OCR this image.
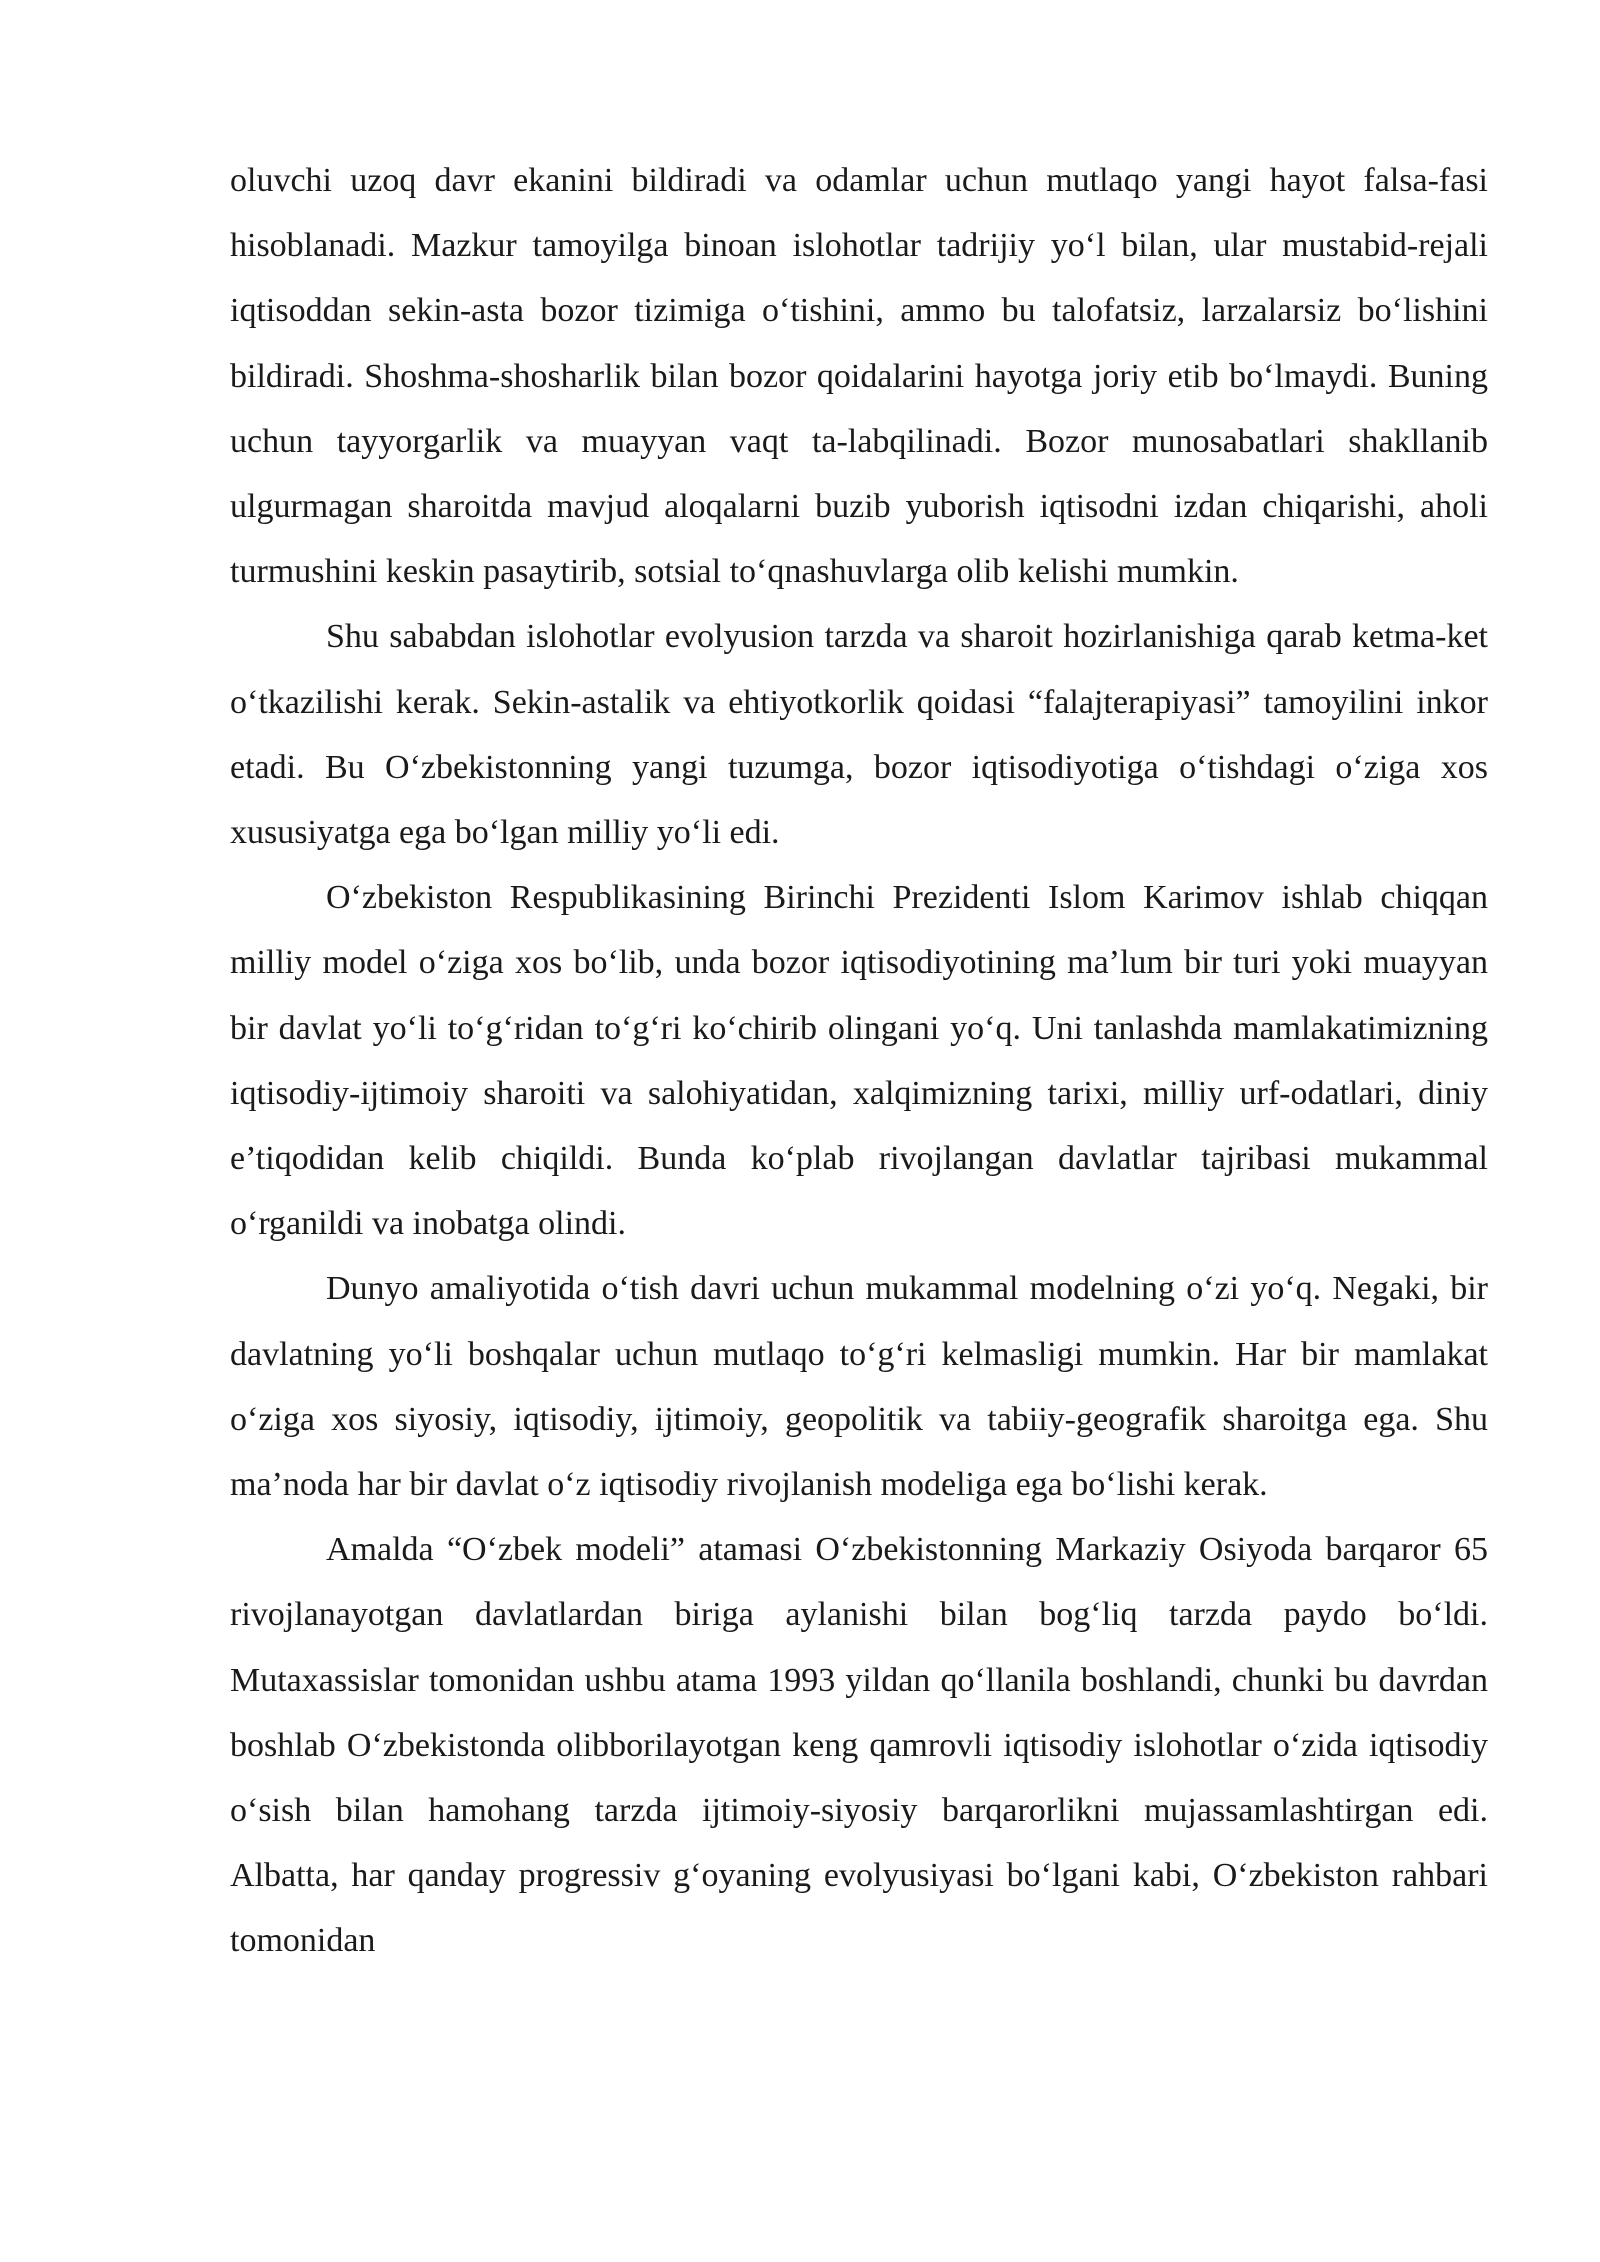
oluvchi uzoq davr ekanini bildiradi va odamlar uchun mutlaqo yangi hayot falsa-fasi hisoblanadi. Mazkur tamoyilga binoan islohotlar tadrijiy yo‘l bilan, ular mustabid-rejali iqtisoddan sekin-asta bozor tizimiga o‘tishini, ammo bu talofatsiz, larzalarsiz bo‘lishini bildiradi. Shoshma-shosharlik bilan bozor qoidalarini hayotga joriy etib bo‘lmaydi. Buning uchun tayyorgarlik va muayyan vaqt ta-labqilinadi. Bozor munosabatlari shakllanib ulgurmagan sharoitda mavjud aloqalarni buzib yuborish iqtisodni izdan chiqarishi, aholi turmushini keskin pasaytirib, sotsial to‘qnashuvlarga olib kelishi mumkin.

Shu sababdan islohotlar evolyusion tarzda va sharoit hozirlanishiga qarab ketma-ket o‘tkazilishi kerak. Sekin-astalik va ehtiyotkorlik qoidasi “falajterapiyasi” tamoyilini inkor etadi. Bu O‘zbekistonning yangi tuzumga, bozor iqtisodiyotiga o‘tishdagi o‘ziga xos xususiyatga ega bo‘lgan milliy yo‘li edi.

O‘zbekiston Respublikasining Birinchi Prezidenti Islom Karimov ishlab chiqqan milliy model o‘ziga xos bo‘lib, unda bozor iqtisodiyotining ma’lum bir turi yoki muayyan bir davlat yo‘li to‘g‘ridan to‘g‘ri ko‘chirib olingani yo‘q. Uni tanlashda mamlakatimizning iqtisodiy-ijtimoiy sharoiti va salohiyatidan, xalqimizning tarixi, milliy urf-odatlari, diniy e’tiqodidan kelib chiqildi. Bunda ko‘plab rivojlangan davlatlar tajribasi mukammal o‘rganildi va inobatga olindi.

Dunyo amaliyotida o‘tish davri uchun mukammal modelning o‘zi yo‘q. Negaki, bir davlatning yo‘li boshqalar uchun mutlaqo to‘g‘ri kelmasligi mumkin. Har bir mamlakat o‘ziga xos siyosiy, iqtisodiy, ijtimoiy, geopolitik va tabiiy-geografik sharoitga ega. Shu ma’noda har bir davlat o‘z iqtisodiy rivojlanish modeliga ega bo‘lishi kerak.

Amalda “O‘zbek modeli” atamasi O‘zbekistonning Markaziy Osiyoda barqaror 65 rivojlanayotgan davlatlardan biriga aylanishi bilan bog‘liq tarzda paydo bo‘ldi. Mutaxassislar tomonidan ushbu atama 1993 yildan qo‘llanila boshlandi, chunki bu davrdan boshlab O‘zbekistonda olibborilayotgan keng qamrovli iqtisodiy islohotlar o‘zida iqtisodiy o‘sish bilan hamohang tarzda ijtimoiy-siyosiy barqarorlikni mujassamlashtirgan edi. Albatta, har qanday progressiv g‘oyaning evolyusiyasi bo‘lgani kabi, O‘zbekiston rahbari tomonidan
